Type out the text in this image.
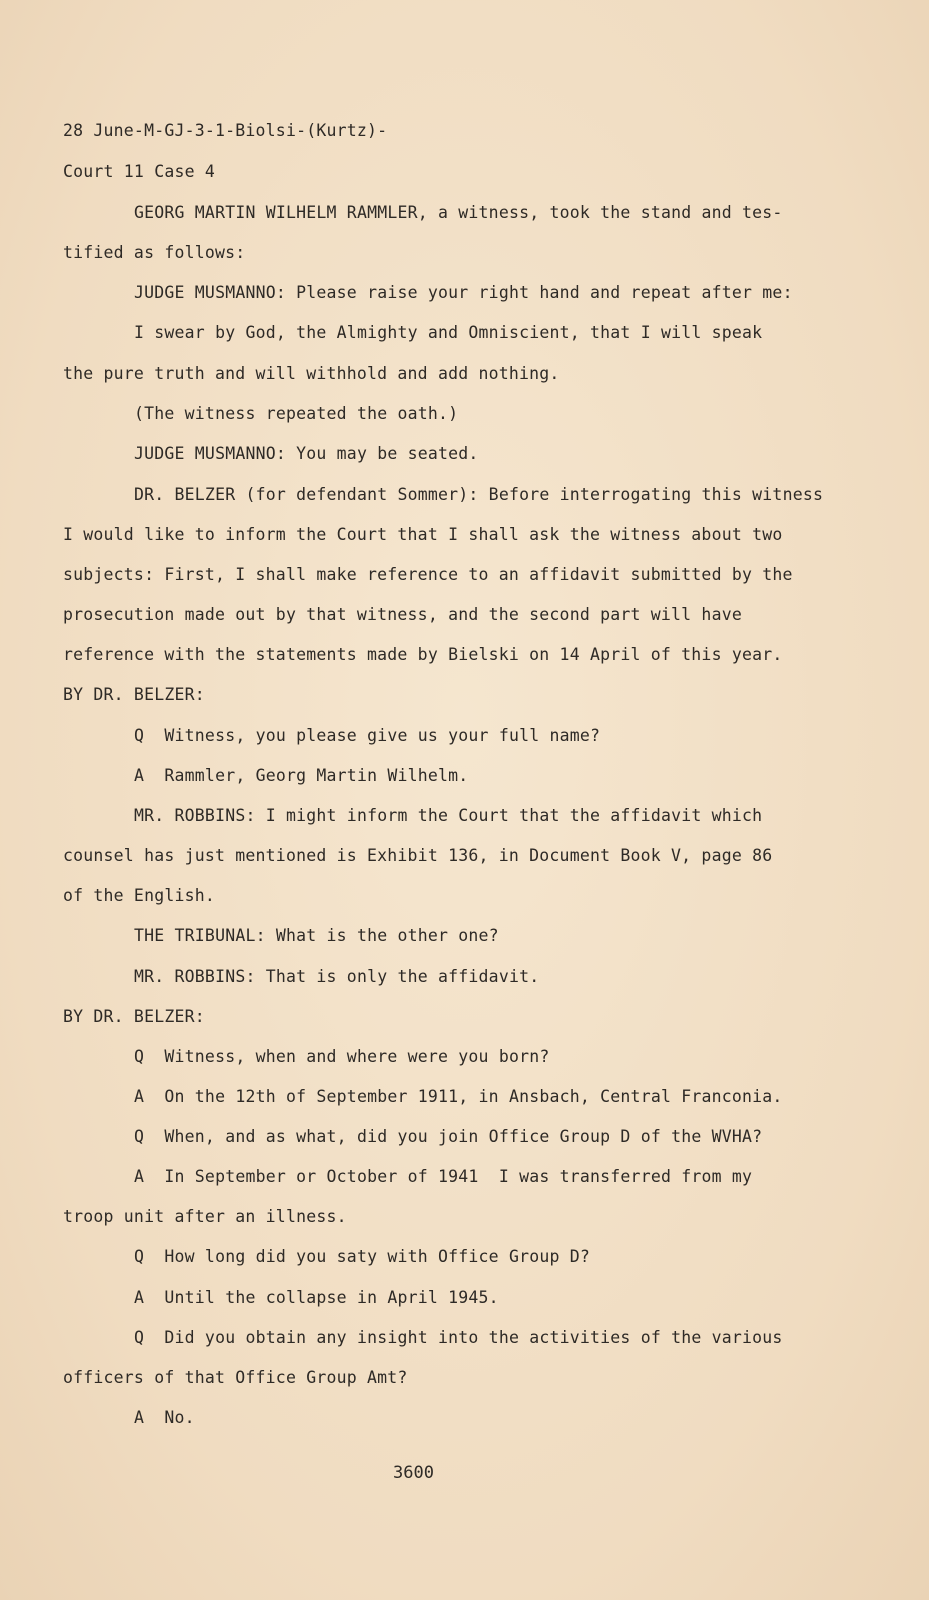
28 June-M-GJ-3-1-Biolsi-(Kurtz)-
Court 11 Case 4
GEORG MARTIN WILHELM RAMMLER, a witness, took the stand and tes-
tified as follows:
JUDGE MUSMANNO: Please raise your right hand and repeat after me:
I swear by God, the Almighty and Omniscient, that I will speak
the pure truth and will withhold and add nothing.
(The witness repeated the oath.)
JUDGE MUSMANNO: You may be seated.
DR. BELZER (for defendant Sommer): Before interrogating this witness
I would like to inform the Court that I shall ask the witness about two
subjects: First, I shall make reference to an affidavit submitted by the
prosecution made out by that witness, and the second part will have
reference with the statements made by Bielski on 14 April of this year.
BY DR. BELZER:
Q  Witness, you please give us your full name?
A  Rammler, Georg Martin Wilhelm.
MR. ROBBINS: I might inform the Court that the affidavit which
counsel has just mentioned is Exhibit 136, in Document Book V, page 86
of the English.
THE TRIBUNAL: What is the other one?
MR. ROBBINS: That is only the affidavit.
BY DR. BELZER:
Q  Witness, when and where were you born?
A  On the 12th of September 1911, in Ansbach, Central Franconia.
Q  When, and as what, did you join Office Group D of the WVHA?
A  In September or October of 1941  I was transferred from my
troop unit after an illness.
Q  How long did you saty with Office Group D?
A  Until the collapse in April 1945.
Q  Did you obtain any insight into the activities of the various
officers of that Office Group Amt?
A  No.
3600
